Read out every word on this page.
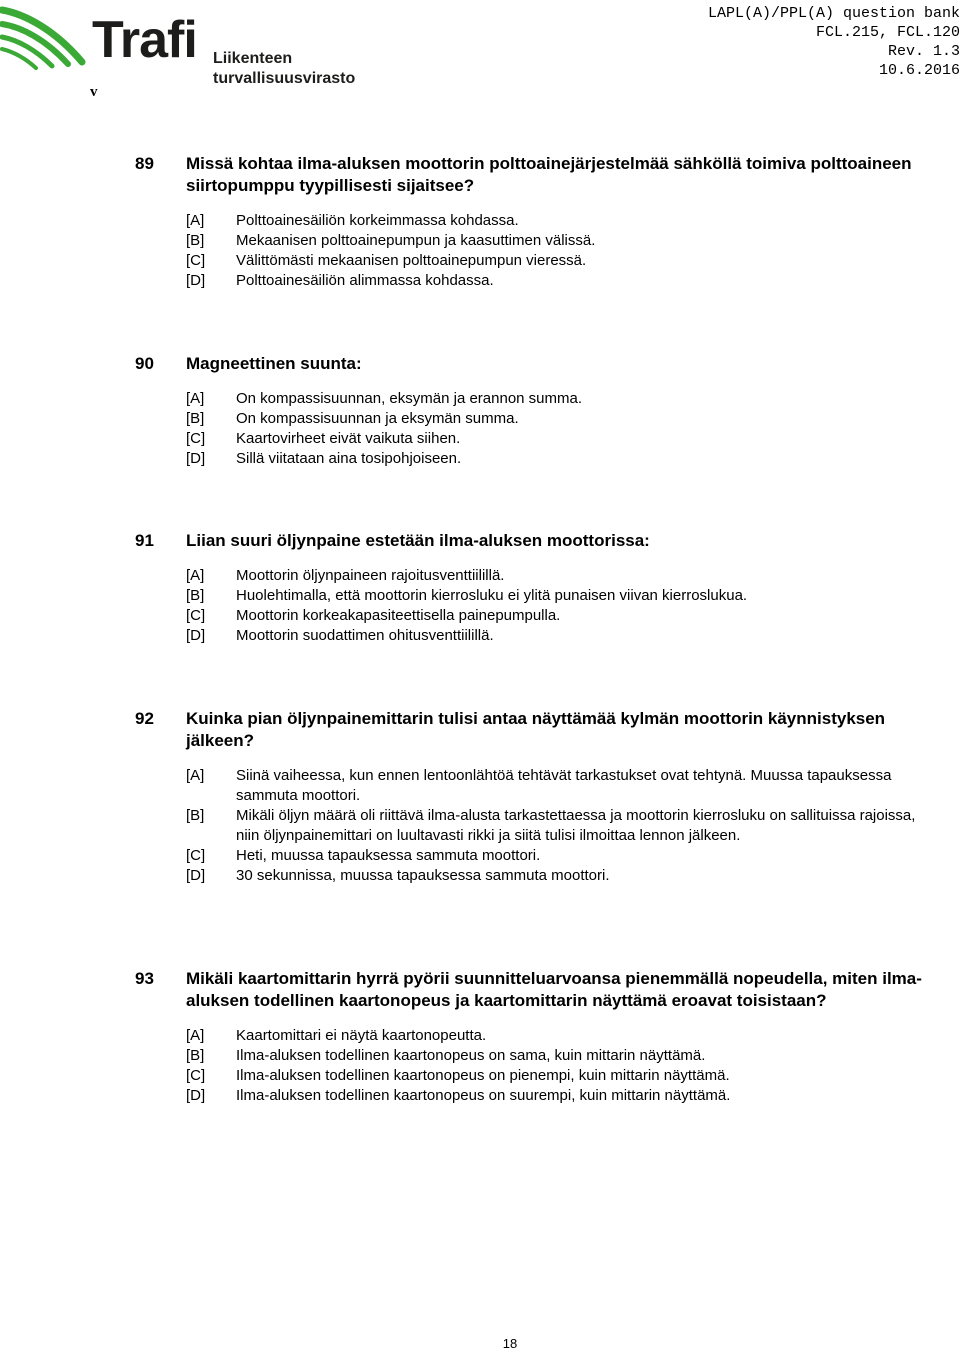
Trafi Liikenteen turvallisuusvirasto
v
LAPL(A)/PPL(A) question bank
FCL.215, FCL.120
Rev. 1.3
10.6.2016
89 Missä kohtaa ilma-aluksen moottorin polttoainejärjestelmää sähköllä toimiva polttoaineen siirtopumppu tyypillisesti sijaitsee?
[A] Polttoainesäiliön korkeimmassa kohdassa.
[B] Mekaanisen polttoainepumpun ja kaasuttimen välissä.
[C] Välittömästi mekaanisen polttoainepumpun vieressä.
[D] Polttoainesäiliön alimmassa kohdassa.
90 Magneettinen suunta:
[A] On kompassisuunnan, eksymän ja erannon summa.
[B] On kompassisuunnan ja eksymän summa.
[C] Kaartovirheet eivät vaikuta siihen.
[D] Sillä viitataan aina tosipohjoiseen.
91 Liian suuri öljynpaine estetään ilma-aluksen moottorissa:
[A] Moottorin öljynpaineen rajoitusventtiilillä.
[B] Huolehtimalla, että moottorin kierrosluku ei ylitä punaisen viivan kierroslukua.
[C] Moottorin korkeakapasiteettisella painepumpulla.
[D] Moottorin suodattimen ohitusventtiilillä.
92 Kuinka pian öljynpainemittarin tulisi antaa näyttämää kylmän moottorin käynnistyksen jälkeen?
[A] Siinä vaiheessa, kun ennen lentoonlähtöä tehtävät tarkastukset ovat tehtynä. Muussa tapauksessa sammuta moottori.
[B] Mikäli öljyn määrä oli riittävä ilma-alusta tarkastettaessa ja moottorin kierrosluku on sallituissa rajoissa, niin öljynpainemittari on luultavasti rikki ja siitä tulisi ilmoittaa lennon jälkeen.
[C] Heti, muussa tapauksessa sammuta moottori.
[D] 30 sekunnissa, muussa tapauksessa sammuta moottori.
93 Mikäli kaartomittarin hyrrä pyörii suunnitteluarvoansa pienemmällä nopeudella, miten ilma-aluksen todellinen kaartonopeus ja kaartomittarin näyttämä eroavat toisistaan?
[A] Kaartomittari ei näytä kaartonopeutta.
[B] Ilma-aluksen todellinen kaartonopeus on sama, kuin mittarin näyttämä.
[C] Ilma-aluksen todellinen kaartonopeus on pienempi, kuin mittarin näyttämä.
[D] Ilma-aluksen todellinen kaartonopeus on suurempi, kuin mittarin näyttämä.
18
